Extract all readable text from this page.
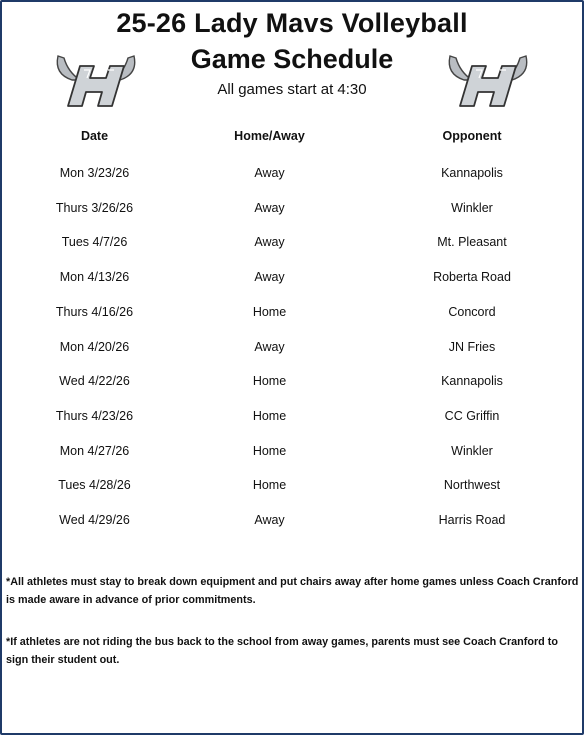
25-26 Lady Mavs Volleyball
Game Schedule
All games start at 4:30
Date	Home/Away	Opponent
Mon 3/23/26	Away	Kannapolis
Thurs 3/26/26	Away	Winkler
Tues 4/7/26	Away	Mt. Pleasant
Mon 4/13/26	Away	Roberta Road
Thurs 4/16/26	Home	Concord
Mon 4/20/26	Away	JN Fries
Wed 4/22/26	Home	Kannapolis
Thurs 4/23/26	Home	CC Griffin
Mon 4/27/26	Home	Winkler
Tues 4/28/26	Home	Northwest
Wed 4/29/26	Away	Harris Road
*All athletes must stay to break down equipment and put chairs away after home games unless Coach Cranford is made aware in advance of prior commitments.
*If athletes are not riding the bus back to the school from away games, parents must see Coach Cranford to sign their student out.
